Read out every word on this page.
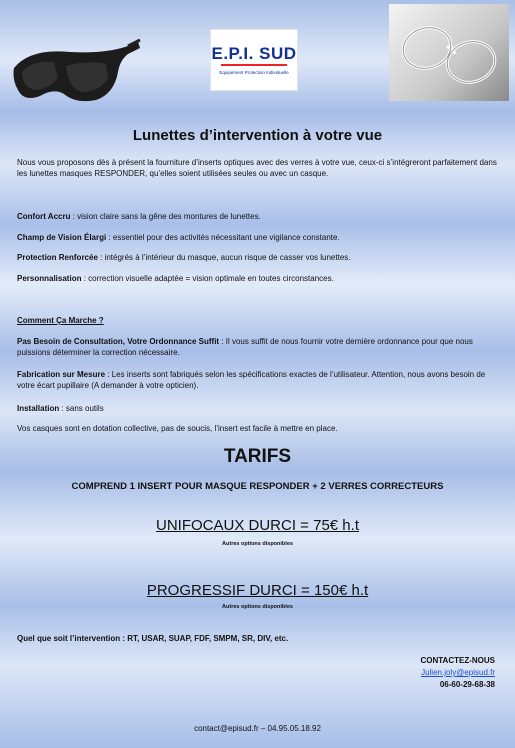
E.P.I. SUD
Equipement Protection Individuelle
Lunettes d’intervention à votre vue
Nous vous proposons dès à présent la fourniture d’inserts optiques avec des verres à votre vue, ceux-ci s’intégreront parfaitement dans les lunettes masques RESPONDER, qu’elles soient utilisées seules ou avec un casque.
Confort Accru : vision claire sans la gêne des montures de lunettes.
Champ de Vision Élargi : essentiel pour des activités nécessitant une vigilance constante.
Protection Renforcée : intégrés à l’intérieur du masque, aucun risque de casser vos lunettes.
Personnalisation : correction visuelle adaptée = vision optimale en toutes circonstances.
Comment Ça Marche ?
Pas Besoin de Consultation, Votre Ordonnance Suffit : Il vous suffit de nous fournir votre dernière ordonnance pour que nous puissions déterminer la correction nécessaire.
Fabrication sur Mesure : Les inserts sont fabriqués selon les spécifications exactes de l’utilisateur. Attention, nous avons besoin de votre écart pupillaire (A demander à votre opticien).
Installation : sans outils
Vos casques sont en dotation collective, pas de soucis, l’insert est facile à mettre en place.
TARIFS
COMPREND 1 INSERT POUR MASQUE RESPONDER + 2 VERRES CORRECTEURS
UNIFOCAUX DURCI = 75€ h.t
Autres options disponibles
PROGRESSIF DURCI = 150€ h.t
Autres options disponibles
Quel que soit l’intervention : RT, USAR, SUAP, FDF, SMPM, SR, DIV, etc.
CONTACTEZ-NOUS
Julien.joly@episud.fr
06-60-29-68-38
contact@episud.fr – 04.95.05.18.92
